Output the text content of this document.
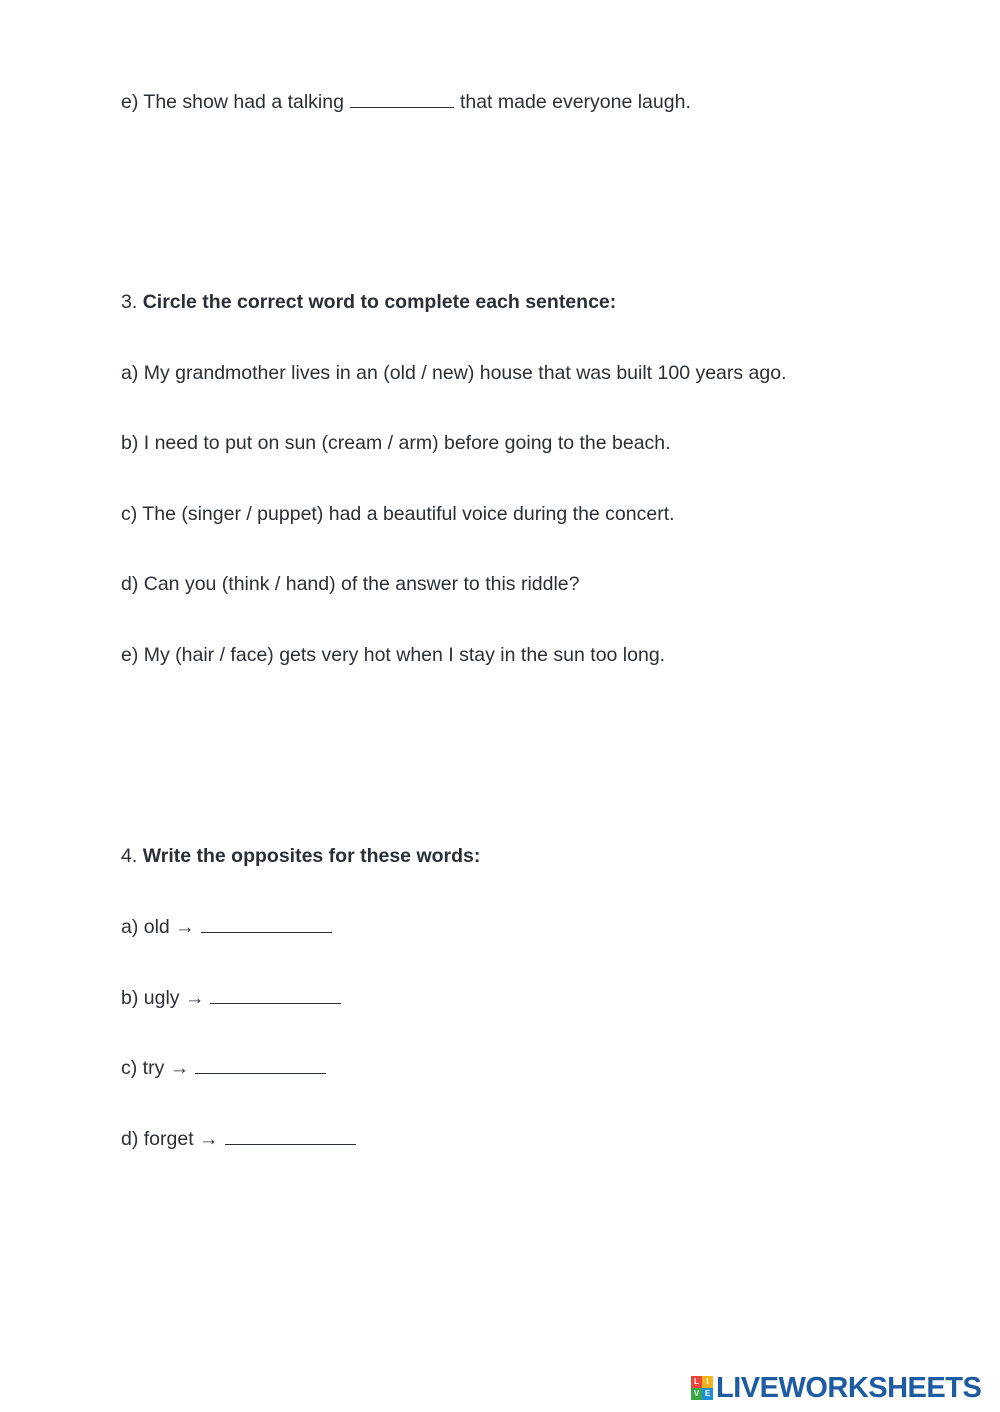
e) The show had a talking	that made everyone laugh.
3. Circle the correct word to complete each sentence:
a) My grandmother lives in an (old / new) house that was built 100 years ago.
b) I need to put on sun (cream / arm) before going to the beach.
c) The (singer / puppet) had a beautiful voice during the concert.
d) Can you (think / hand) of the answer to this riddle?
e) My (hair / face) gets very hot when I stay in the sun too long.
4. Write the opposites for these words:
a) old →
b) ugly →
c) try →
d) forget →
L I
V E LIVEWORKSHEETS
